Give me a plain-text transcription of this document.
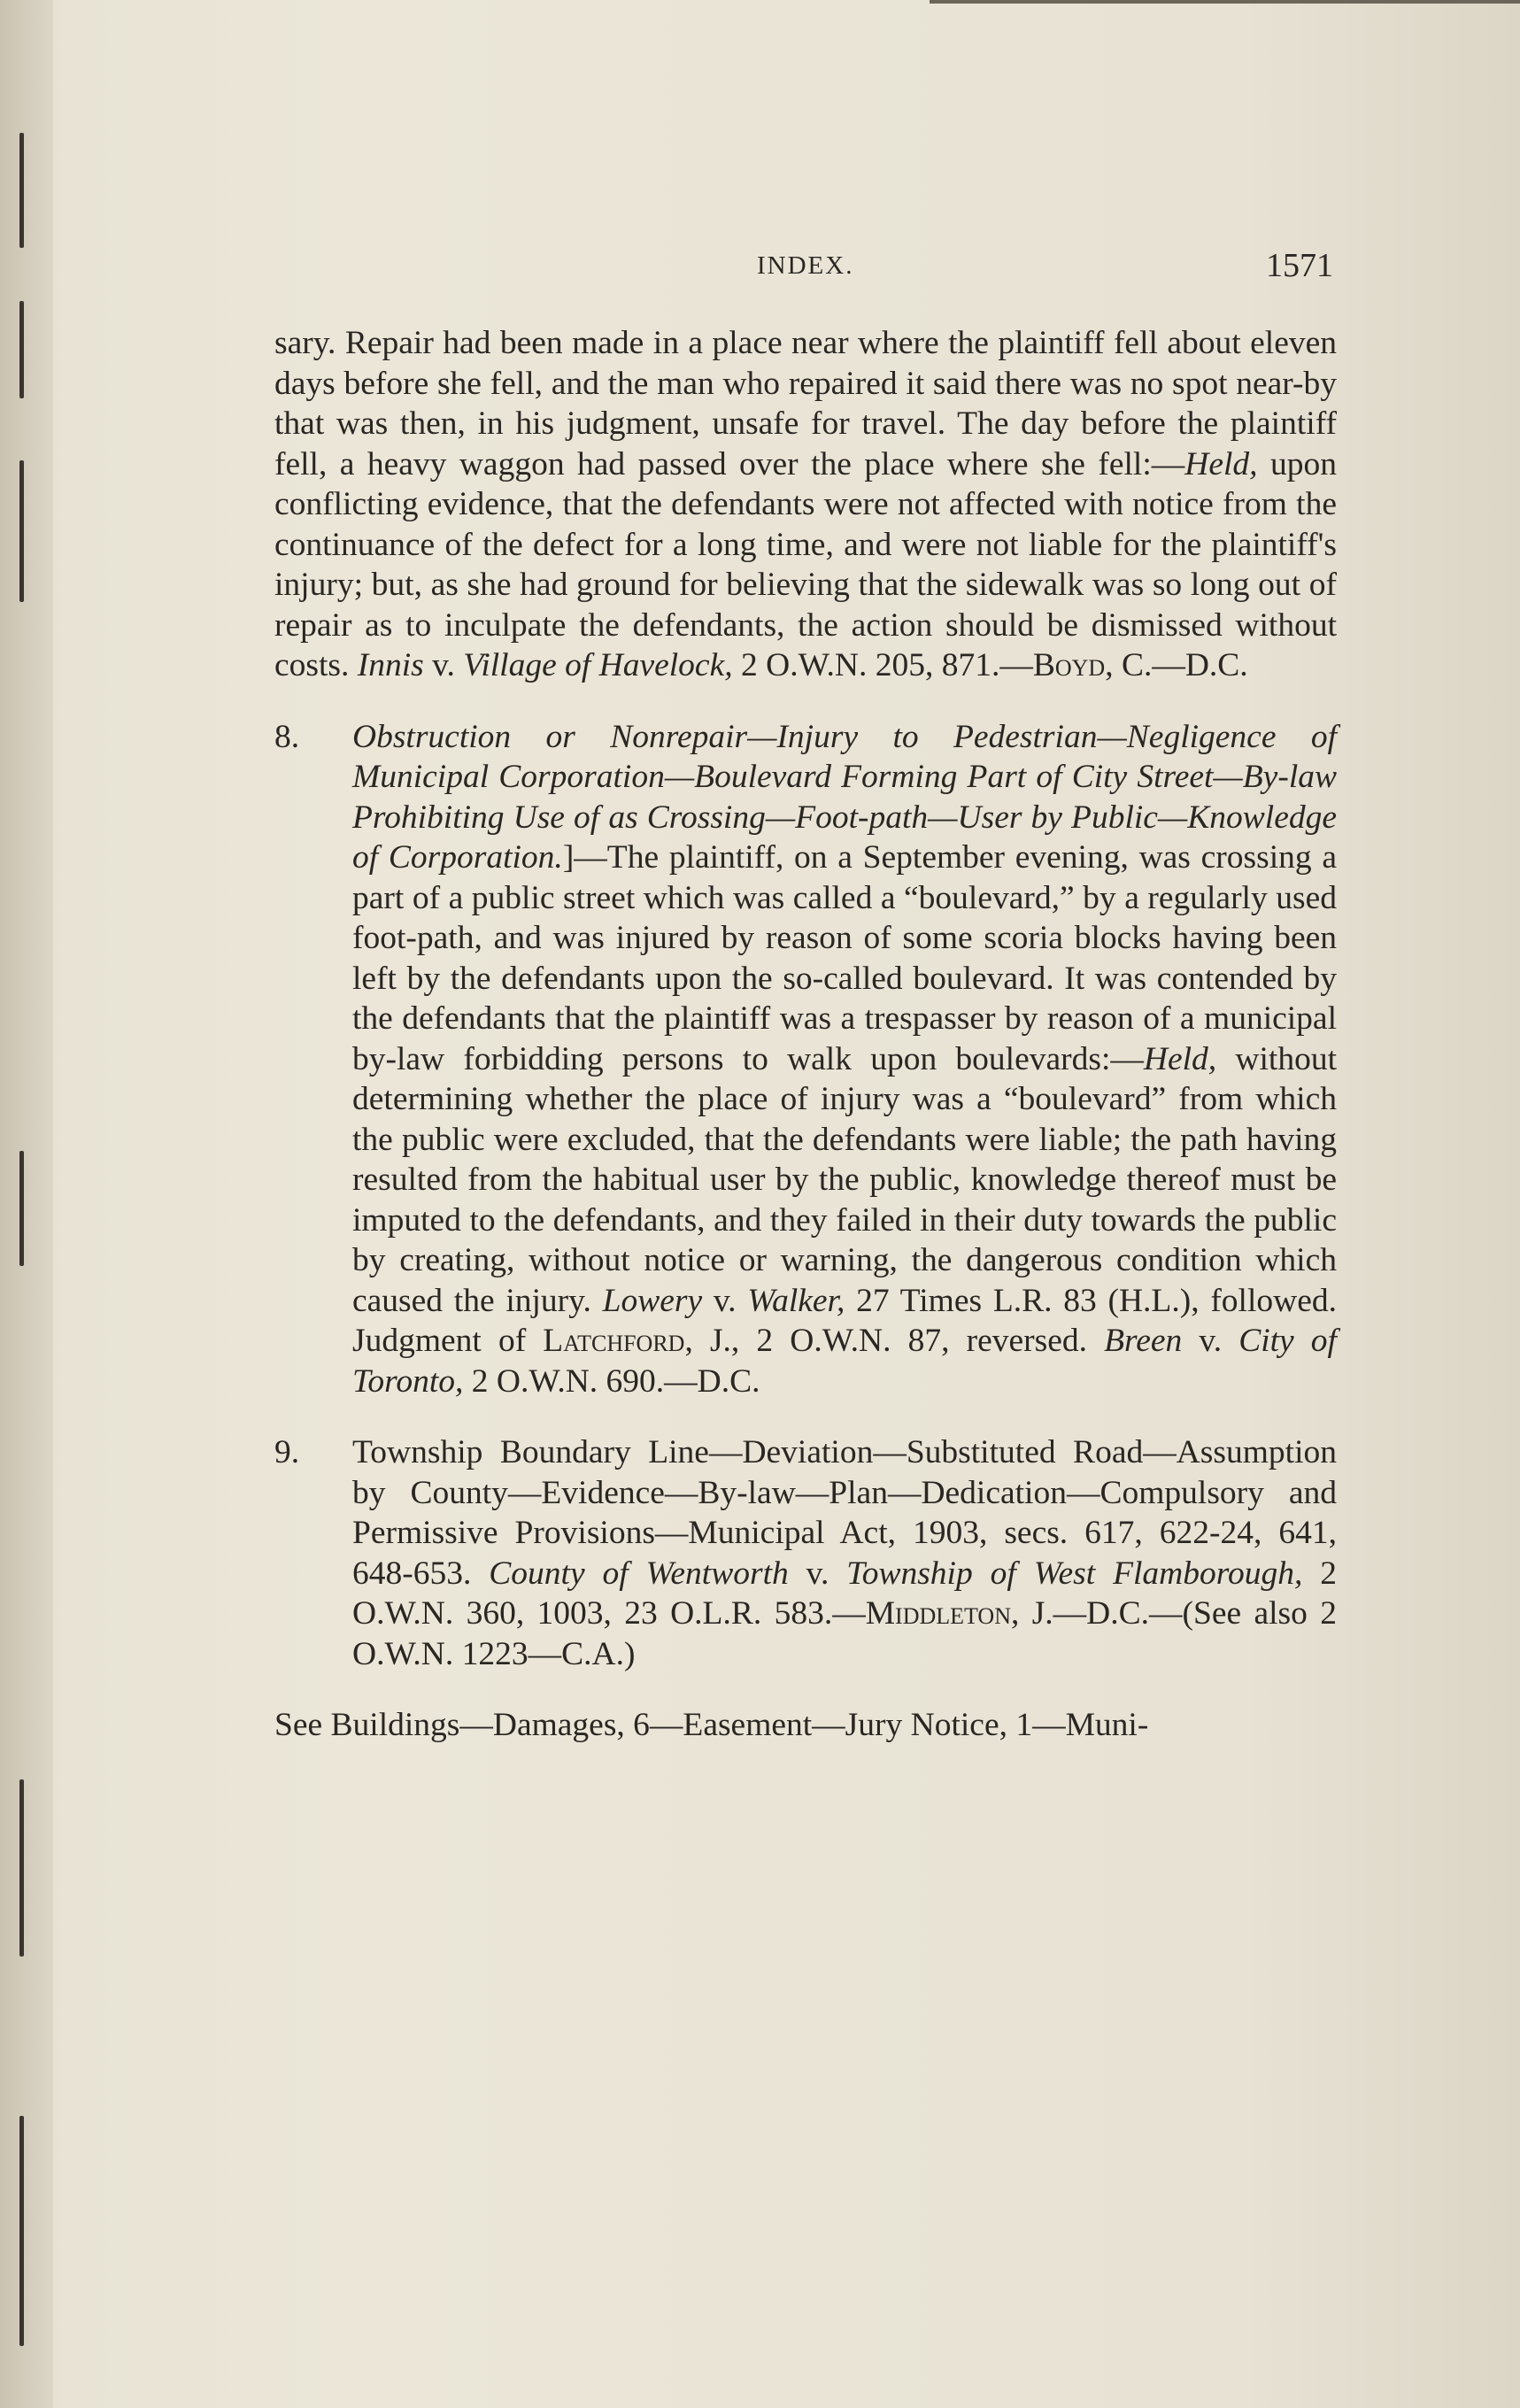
INDEX.	1571

sary. Repair had been made in a place near where the plaintiff fell about eleven days before she fell, and the man who repaired it said there was no spot near-by that was then, in his judgment, unsafe for travel. The day before the plaintiff fell, a heavy waggon had passed over the place where she fell:—Held, upon conflicting evidence, that the defendants were not affected with notice from the continuance of the defect for a long time, and were not liable for the plaintiff's injury; but, as she had ground for believing that the sidewalk was so long out of repair as to inculpate the defendants, the action should be dismissed without costs. Innis v. Village of Havelock, 2 O.W.N. 205, 871.—Boyd, C.—D.C.

8. Obstruction or Nonrepair—Injury to Pedestrian—Negligence of Municipal Corporation—Boulevard Forming Part of City Street—By-law Prohibiting Use of as Crossing—Foot-path—User by Public—Knowledge of Corporation.]—The plaintiff, on a September evening, was crossing a part of a public street which was called a “boulevard,” by a regularly used foot-path, and was injured by reason of some scoria blocks having been left by the defendants upon the so-called boulevard. It was contended by the defendants that the plaintiff was a trespasser by reason of a municipal by-law forbidding persons to walk upon boulevards:—Held, without determining whether the place of injury was a “boulevard” from which the public were excluded, that the defendants were liable; the path having resulted from the habitual user by the public, knowledge thereof must be imputed to the defendants, and they failed in their duty towards the public by creating, without notice or warning, the dangerous condition which caused the injury. Lowery v. Walker, 27 Times L.R. 83 (H.L.), followed. Judgment of Latchford, J., 2 O.W.N. 87, reversed. Breen v. City of Toronto, 2 O.W.N. 690.—D.C.

9. Township Boundary Line—Deviation—Substituted Road—Assumption by County—Evidence—By-law—Plan—Dedication—Compulsory and Permissive Provisions—Municipal Act, 1903, secs. 617, 622-24, 641, 648-653. County of Wentworth v. Township of West Flamborough, 2 O.W.N. 360, 1003, 23 O.L.R. 583.—Middleton, J.—D.C.—(See also 2 O.W.N. 1223—C.A.)

See Buildings—Damages, 6—Easement—Jury Notice, 1—Muni-
